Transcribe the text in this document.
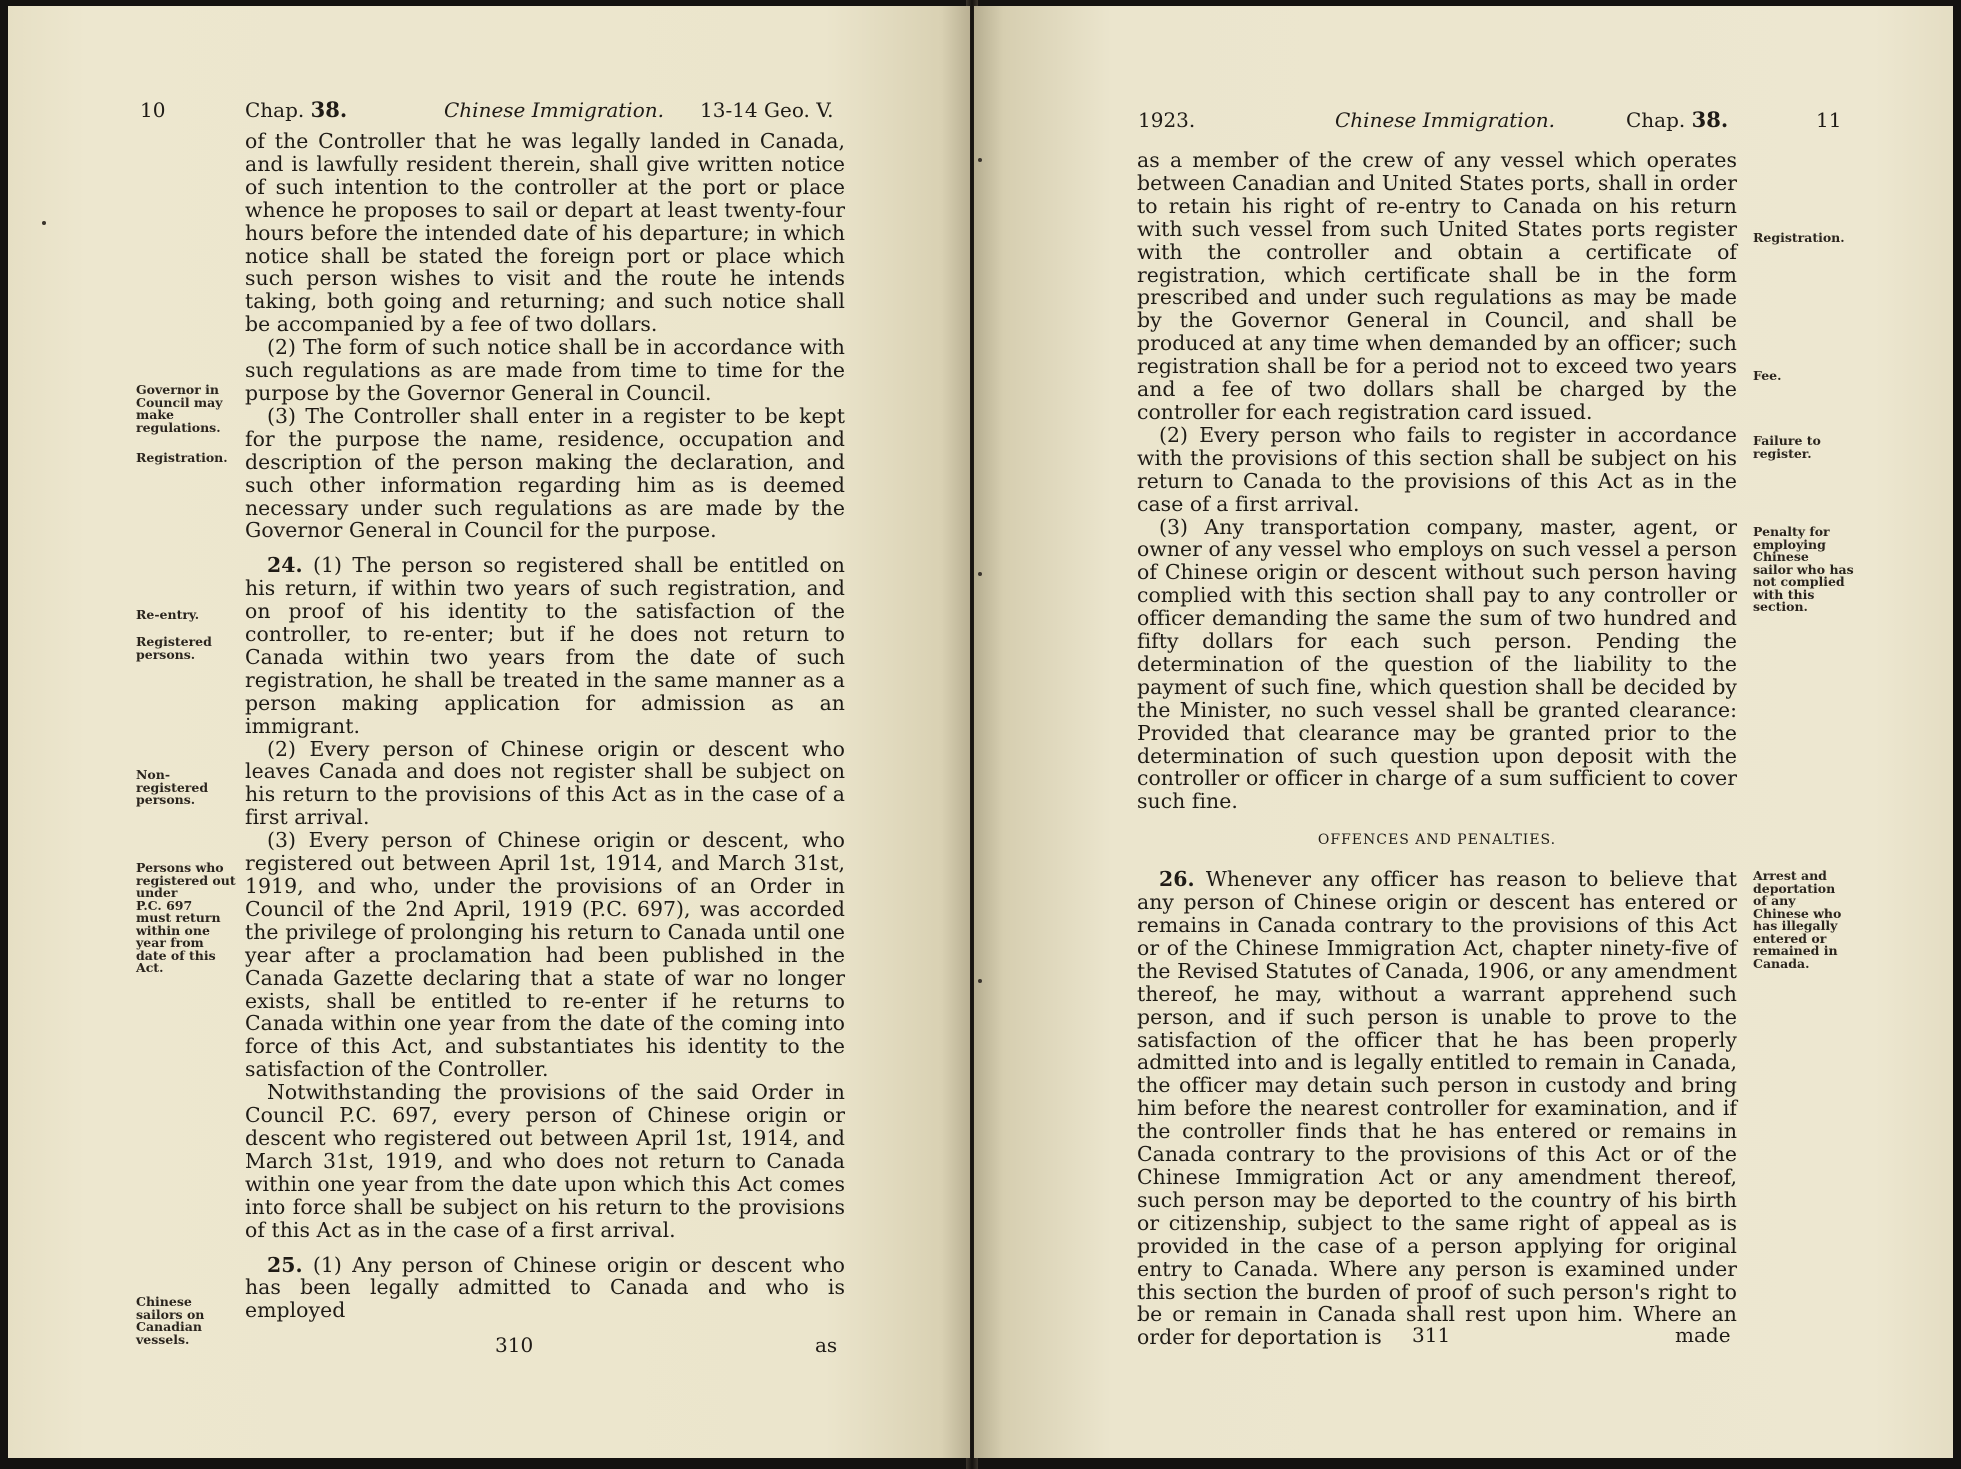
10	Chap. 38.	Chinese Immigration. 13-14 Geo. V.

of the Controller that he was legally landed in Canada, and is lawfully resident therein, shall give written notice of such intention to the controller at the port or place whence he proposes to sail or depart at least twenty-four hours before the intended date of his departure; in which notice shall be stated the foreign port or place which such person wishes to visit and the route he intends taking, both going and returning; and such notice shall be accompanied by a fee of two dollars.

(2) The form of such notice shall be in accordance with such regulations as are made from time to time for the purpose by the Governor General in Council.

(3) The Controller shall enter in a register to be kept for the purpose the name, residence, occupation and description of the person making the declaration, and such other information regarding him as is deemed necessary under such regulations as are made by the Governor General in Council for the purpose.

24. (1) The person so registered shall be entitled on his return, if within two years of such registration, and on proof of his identity to the satisfaction of the controller, to re-enter; but if he does not return to Canada within two years from the date of such registration, he shall be treated in the same manner as a person making application for admission as an immigrant.

(2) Every person of Chinese origin or descent who leaves Canada and does not register shall be subject on his return to the provisions of this Act as in the case of a first arrival.

(3) Every person of Chinese origin or descent, who registered out between April 1st, 1914, and March 31st, 1919, and who, under the provisions of an Order in Council of the 2nd April, 1919 (P.C. 697), was accorded the privilege of prolonging his return to Canada until one year after a proclamation had been published in the Canada Gazette declaring that a state of war no longer exists, shall be entitled to re-enter if he returns to Canada within one year from the date of the coming into force of this Act, and substantiates his identity to the satisfaction of the Controller.

Notwithstanding the provisions of the said Order in Council P.C. 697, every person of Chinese origin or descent who registered out between April 1st, 1914, and March 31st, 1919, and who does not return to Canada within one year from the date upon which this Act comes into force shall be subject on his return to the provisions of this Act as in the case of a first arrival.

25. (1) Any person of Chinese origin or descent who has been legally admitted to Canada and who is employed

Governor in
Council may
make
regulations.
Registration.
Re-entry.
Registered
persons.
Non-
registered
persons.
Persons who
registered out
under
P.C. 697
must return
within one
year from
date of this
Act.
Chinese
sailors on
Canadian
vessels.	310	as
1923.	Chinese Immigration.	Chap. 38.	11

as a member of the crew of any vessel which operates between Canadian and United States ports, shall in order to retain his right of re-entry to Canada on his return with such vessel from such United States ports register with the controller and obtain a certificate of registration, which certificate shall be in the form prescribed and under such regulations as may be made by the Governor General in Council, and shall be produced at any time when demanded by an officer; such registration shall be for a period not to exceed two years and a fee of two dollars shall be charged by the controller for each registration card issued.

(2) Every person who fails to register in accordance with the provisions of this section shall be subject on his return to Canada to the provisions of this Act as in the case of a first arrival.

(3) Any transportation company, master, agent, or owner of any vessel who employs on such vessel a person of Chinese origin or descent without such person having complied with this section shall pay to any controller or officer demanding the same the sum of two hundred and fifty dollars for each such person. Pending the determination of the question of the liability to the payment of such fine, which question shall be decided by the Minister, no such vessel shall be granted clearance: Provided that clearance may be granted prior to the determination of such question upon deposit with the controller or officer in charge of a sum sufficient to cover such fine.

OFFENCES AND PENALTIES.

26. Whenever any officer has reason to believe that any person of Chinese origin or descent has entered or remains in Canada contrary to the provisions of this Act or of the Chinese Immigration Act, chapter ninety-five of the Revised Statutes of Canada, 1906, or any amendment thereof, he may, without a warrant apprehend such person, and if such person is unable to prove to the satisfaction of the officer that he has been properly admitted into and is legally entitled to remain in Canada, the officer may detain such person in custody and bring him before the nearest controller for examination, and if the controller finds that he has entered or remains in Canada contrary to the provisions of this Act or of the Chinese Immigration Act or any amendment thereof, such person may be deported to the country of his birth or citizenship, subject to the same right of appeal as is provided in the case of a person applying for original entry to Canada. Where any person is examined under this section the burden of proof of such person's right to be or remain in Canada shall rest upon him. Where an order for deportation is

Registration.
Fee.
Failure to
register.
Penalty for
employing
Chinese
sailor who has
not complied
with this
section.
Arrest and
deportation
of any
Chinese who
has illegally
entered or
remained in
Canada.
311	made
